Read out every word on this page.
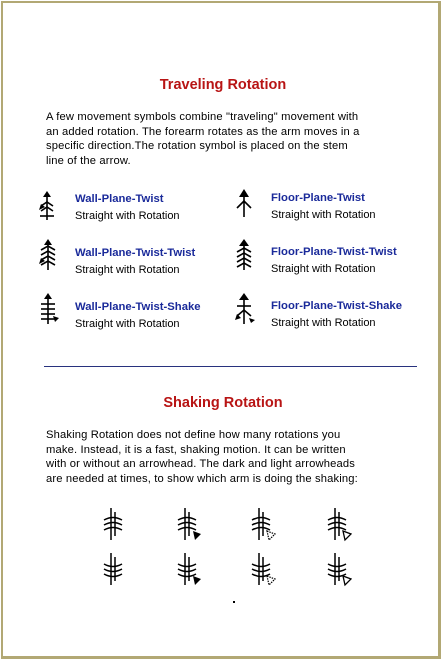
Traveling Rotation
A few movement symbols combine "traveling" movement with
an added rotation. The forearm rotates as the arm moves in a
specific direction.The rotation symbol is placed on the stem
line of the arrow.
Wall-Plane-Twist
Straight with Rotation
Floor-Plane-Twist
Straight with Rotation
Wall-Plane-Twist-Twist
Straight with Rotation
Floor-Plane-Twist-Twist
Straight with Rotation
Wall-Plane-Twist-Shake
Straight with Rotation
Floor-Plane-Twist-Shake
Straight with Rotation
Shaking Rotation
Shaking Rotation does not define how many rotations you
make. Instead, it is a fast, shaking motion. It can be written
with or without an arrowhead. The dark and light arrowheads
are needed at times, to show which arm is doing the shaking:
